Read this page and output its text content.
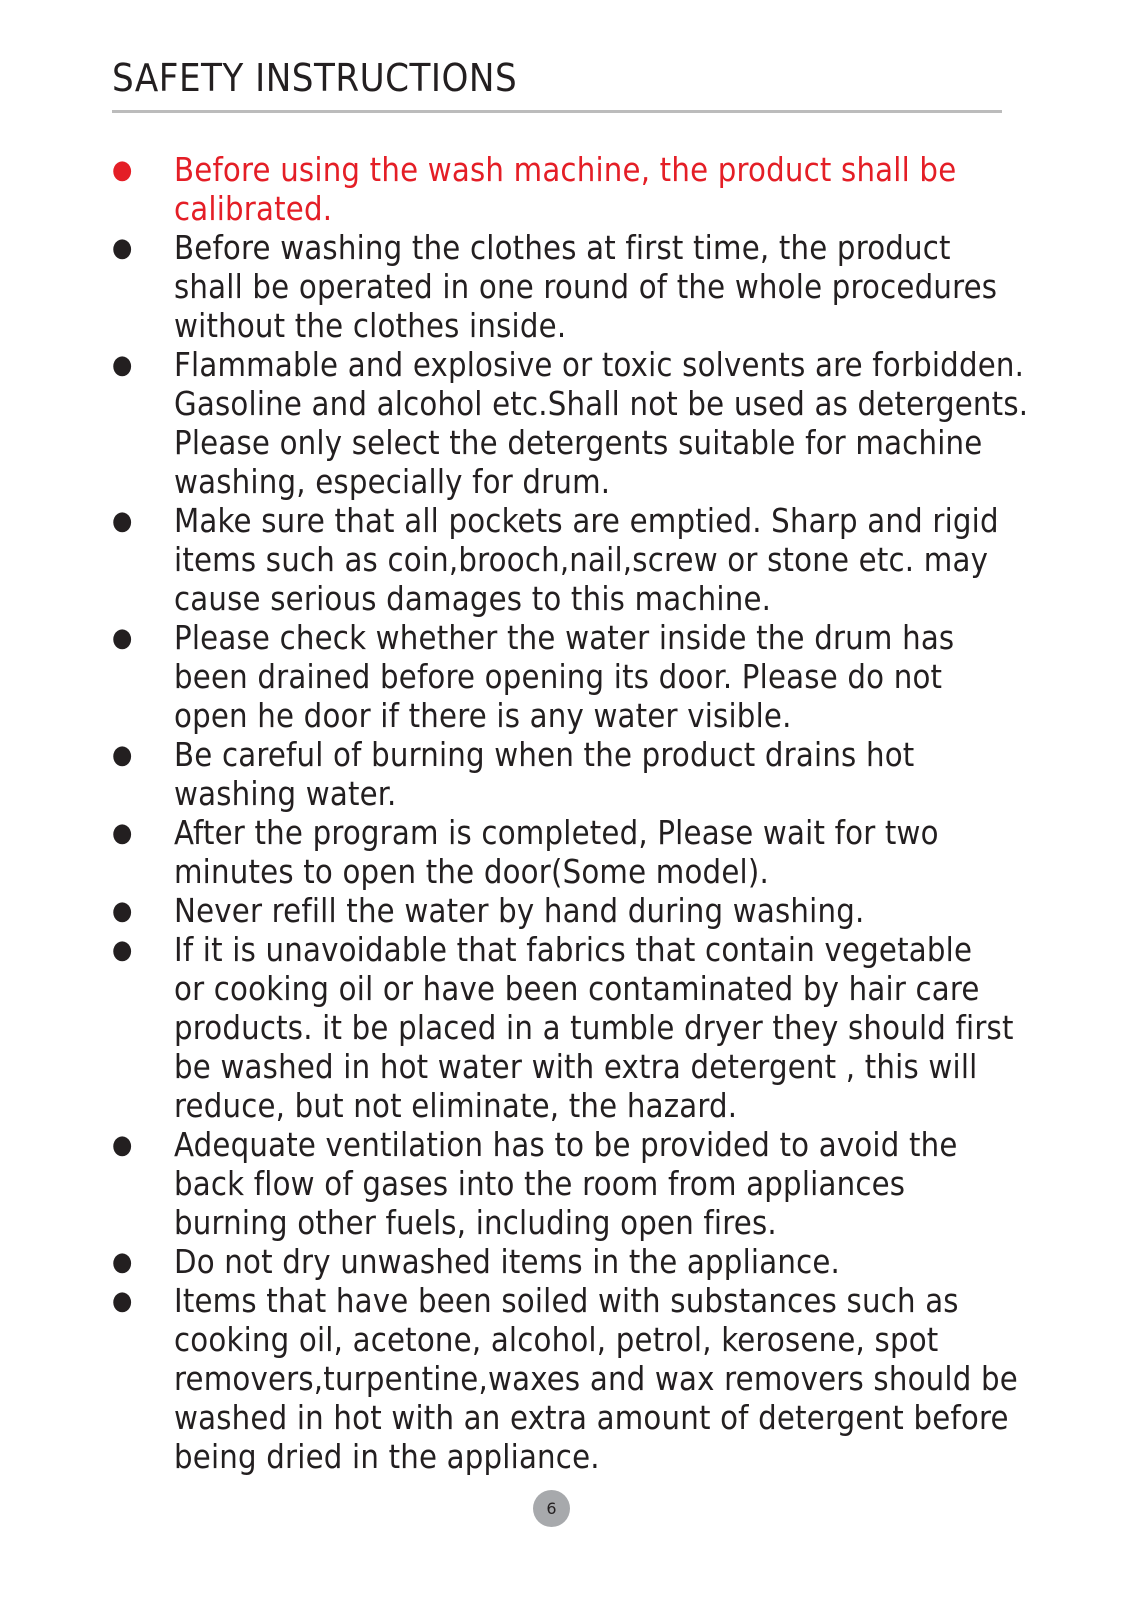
SAFETY INSTRUCTIONS
● Before using the wash machine, the product shall be
calibrated.
● Before washing the clothes at first time, the product
shall be operated in one round of the whole procedures
without the clothes inside.
● Flammable and explosive or toxic solvents are forbidden.
Gasoline and alcohol etc.Shall not be used as detergents.
Please only select the detergents suitable for machine
washing, especially for drum.
● Make sure that all pockets are emptied. Sharp and rigid
items such as coin,brooch,nail,screw or stone etc. may
cause serious damages to this machine.
● Please check whether the water inside the drum has
been drained before opening its door. Please do not
open he door if there is any water visible.
● Be careful of burning when the product drains hot
washing water.
● After the program is completed, Please wait for two
minutes to open the door(Some model).
● Never refill the water by hand during washing.
● If it is unavoidable that fabrics that contain vegetable
or cooking oil or have been contaminated by hair care
products. it be placed in a tumble dryer they should first
be washed in hot water with extra detergent , this will
reduce, but not eliminate, the hazard.
● Adequate ventilation has to be provided to avoid the
back flow of gases into the room from appliances
burning other fuels, including open fires.
● Do not dry unwashed items in the appliance.
● Items that have been soiled with substances such as
cooking oil, acetone, alcohol, petrol, kerosene, spot
removers,turpentine,waxes and wax removers should be
washed in hot with an extra amount of detergent before
being dried in the appliance.
6
